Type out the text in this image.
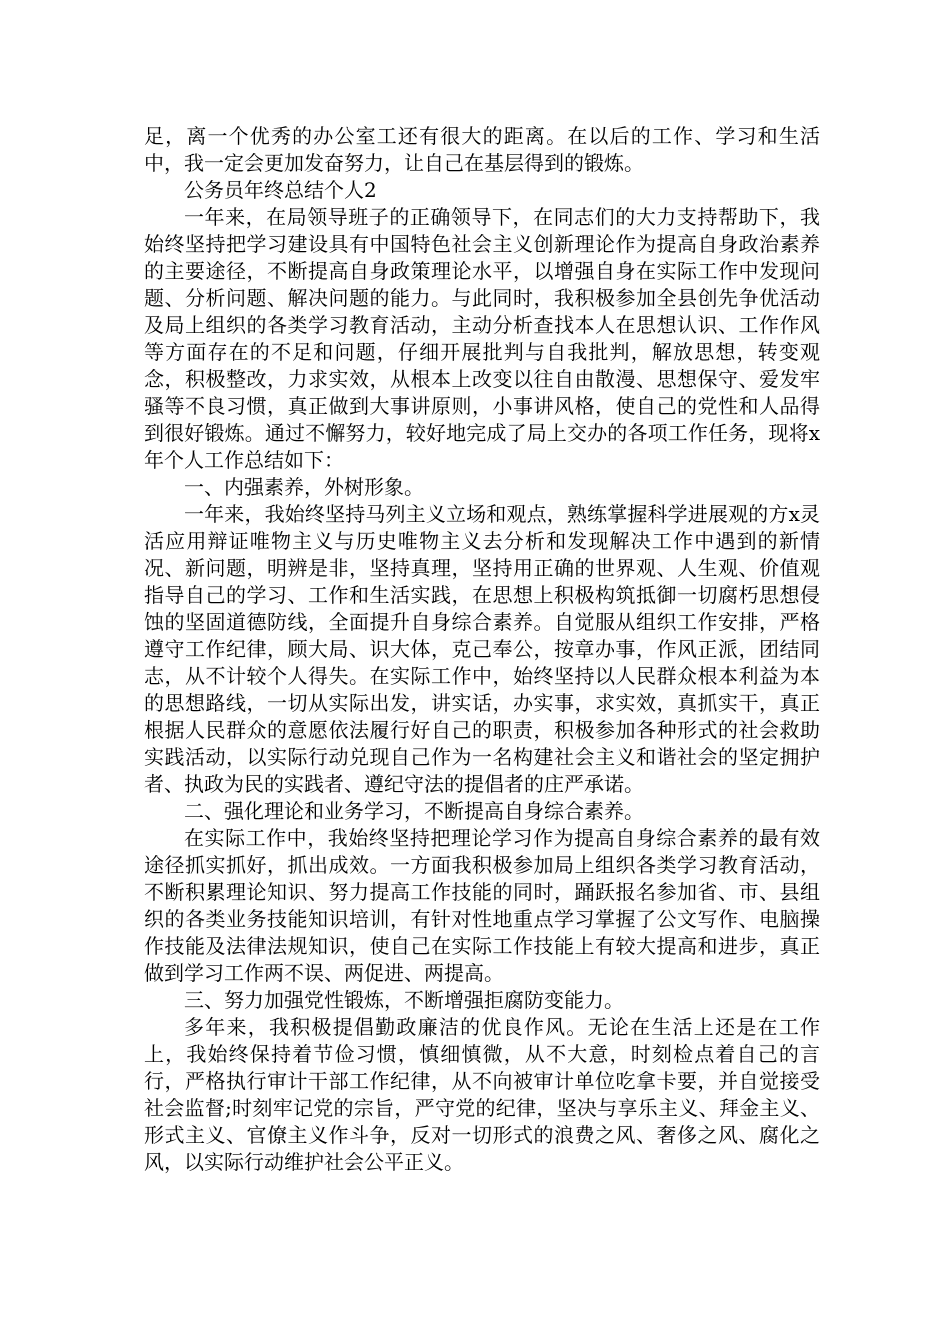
足，离一个优秀的办公室工还有很大的距离。在以后的工作、学习和生活中，我一定会更加发奋努力，让自己在基层得到的锻炼。

公务员年终总结个人2

一年来，在局领导班子的正确领导下，在同志们的大力支持帮助下，我始终坚持把学习建设具有中国特色社会主义创新理论作为提高自身政治素养的主要途径，不断提高自身政策理论水平，以增强自身在实际工作中发现问题、分析问题、解决问题的能力。与此同时，我积极参加全县创先争优活动及局上组织的各类学习教育活动，主动分析查找本人在思想认识、工作作风等方面存在的不足和问题，仔细开展批判与自我批判，解放思想，转变观念，积极整改，力求实效，从根本上改变以往自由散漫、思想保守、爱发牢骚等不良习惯，真正做到大事讲原则，小事讲风格，使自己的党性和人品得到很好锻炼。通过不懈努力，较好地完成了局上交办的各项工作任务，现将x年个人工作总结如下：

一、内强素养，外树形象。

一年来，我始终坚持马列主义立场和观点，熟练掌握科学进展观的方x灵活应用辩证唯物主义与历史唯物主义去分析和发现解决工作中遇到的新情况、新问题，明辨是非，坚持真理，坚持用正确的世界观、人生观、价值观指导自己的学习、工作和生活实践，在思想上积极构筑抵御一切腐朽思想侵蚀的坚固道德防线，全面提升自身综合素养。自觉服从组织工作安排，严格遵守工作纪律，顾大局、识大体，克己奉公，按章办事，作风正派，团结同志，从不计较个人得失。在实际工作中，始终坚持以人民群众根本利益为本的思想路线，一切从实际出发，讲实话，办实事，求实效，真抓实干，真正根据人民群众的意愿依法履行好自己的职责，积极参加各种形式的社会救助实践活动，以实际行动兑现自己作为一名构建社会主义和谐社会的坚定拥护者、执政为民的实践者、遵纪守法的提倡者的庄严承诺。

二、强化理论和业务学习，不断提高自身综合素养。

在实际工作中，我始终坚持把理论学习作为提高自身综合素养的最有效途径抓实抓好，抓出成效。一方面我积极参加局上组织各类学习教育活动，不断积累理论知识、努力提高工作技能的同时，踊跃报名参加省、市、县组织的各类业务技能知识培训，有针对性地重点学习掌握了公文写作、电脑操作技能及法律法规知识，使自己在实际工作技能上有较大提高和进步，真正做到学习工作两不误、两促进、两提高。

三、努力加强党性锻炼，不断增强拒腐防变能力。

多年来，我积极提倡勤政廉洁的优良作风。无论在生活上还是在工作上，我始终保持着节俭习惯，慎细慎微，从不大意，时刻检点着自己的言行，严格执行审计干部工作纪律，从不向被审计单位吃拿卡要，并自觉接受社会监督;时刻牢记党的宗旨，严守党的纪律，坚决与享乐主义、拜金主义、形式主义、官僚主义作斗争，反对一切形式的浪费之风、奢侈之风、腐化之风，以实际行动维护社会公平正义。
